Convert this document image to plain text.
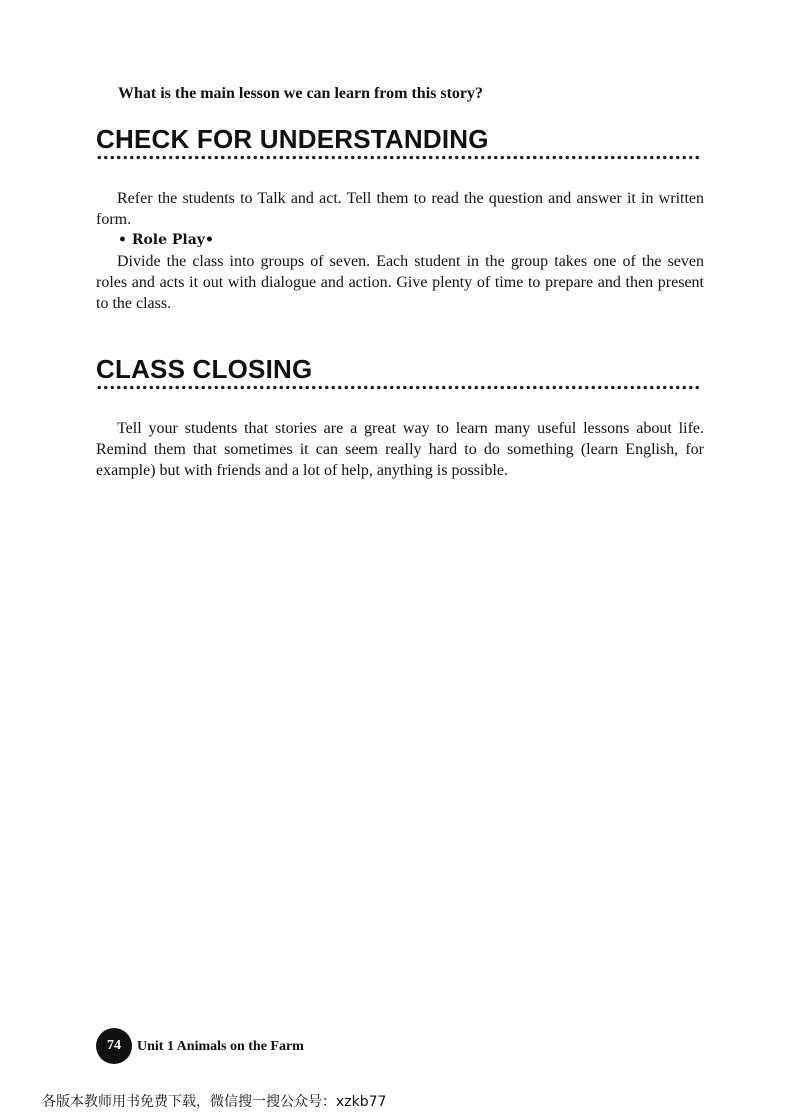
What is the main lesson we can learn from this story?
CHECK FOR UNDERSTANDING
Refer the students to Talk and act. Tell them to read the question and answer it in written form.
• Role Play•
Divide the class into groups of seven. Each student in the group takes one of the seven roles and acts it out with dialogue and action. Give plenty of time to prepare and then present to the class.
CLASS CLOSING
Tell your students that stories are a great way to learn many useful lessons about life. Remind them that sometimes it can seem really hard to do something (learn English, for example) but with friends and a lot of help, anything is possible.
74	Unit 1 Animals on the Farm
各版本教师用书免费下载，微信搜一搜公众号：xzkb77
